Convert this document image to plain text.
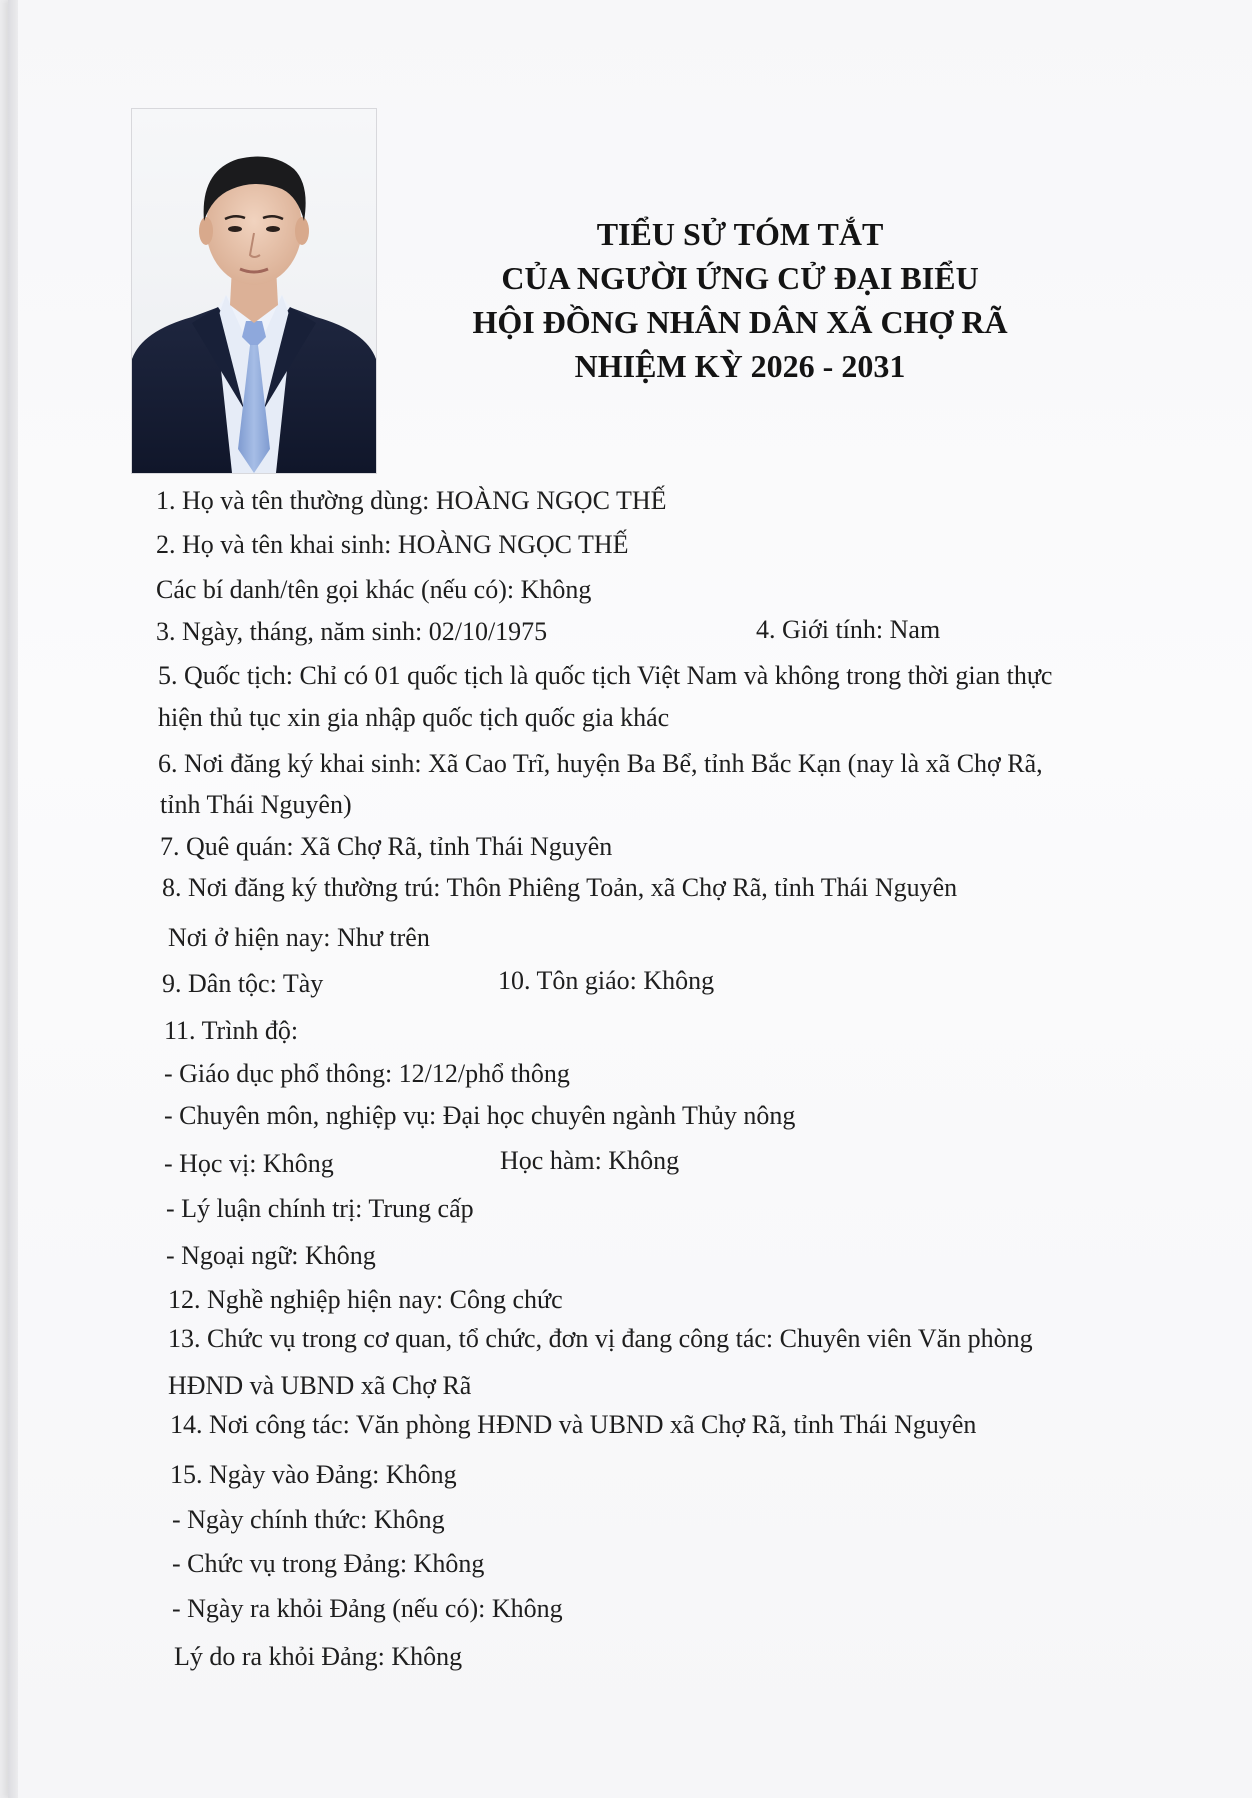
TIỂU SỬ TÓM TẮT
CỦA NGƯỜI ỨNG CỬ ĐẠI BIỂU
HỘI ĐỒNG NHÂN DÂN XÃ CHỢ RÃ
NHIỆM KỲ 2026 - 2031
1. Họ và tên thường dùng: HOÀNG NGỌC THẾ
2. Họ và tên khai sinh: HOÀNG NGỌC THẾ
Các bí danh/tên gọi khác (nếu có): Không
3. Ngày, tháng, năm sinh: 02/10/1975	4. Giới tính: Nam
5. Quốc tịch: Chỉ có 01 quốc tịch là quốc tịch Việt Nam và không trong thời gian thực
hiện thủ tục xin gia nhập quốc tịch quốc gia khác
6. Nơi đăng ký khai sinh: Xã Cao Trĩ, huyện Ba Bể, tỉnh Bắc Kạn (nay là xã Chợ Rã,
tỉnh Thái Nguyên)
7. Quê quán: Xã Chợ Rã, tỉnh Thái Nguyên
8. Nơi đăng ký thường trú: Thôn Phiêng Toản, xã Chợ Rã, tỉnh Thái Nguyên
Nơi ở hiện nay: Như trên
9. Dân tộc: Tày	10. Tôn giáo: Không
11. Trình độ:
- Giáo dục phổ thông: 12/12/phổ thông
- Chuyên môn, nghiệp vụ: Đại học chuyên ngành Thủy nông
- Học vị: Không	Học hàm: Không
- Lý luận chính trị: Trung cấp
- Ngoại ngữ: Không
12. Nghề nghiệp hiện nay: Công chức
13. Chức vụ trong cơ quan, tổ chức, đơn vị đang công tác: Chuyên viên Văn phòng
HĐND và UBND xã Chợ Rã
14. Nơi công tác: Văn phòng HĐND và UBND xã Chợ Rã, tỉnh Thái Nguyên
15. Ngày vào Đảng: Không
- Ngày chính thức: Không
- Chức vụ trong Đảng: Không
- Ngày ra khỏi Đảng (nếu có): Không
Lý do ra khỏi Đảng: Không
